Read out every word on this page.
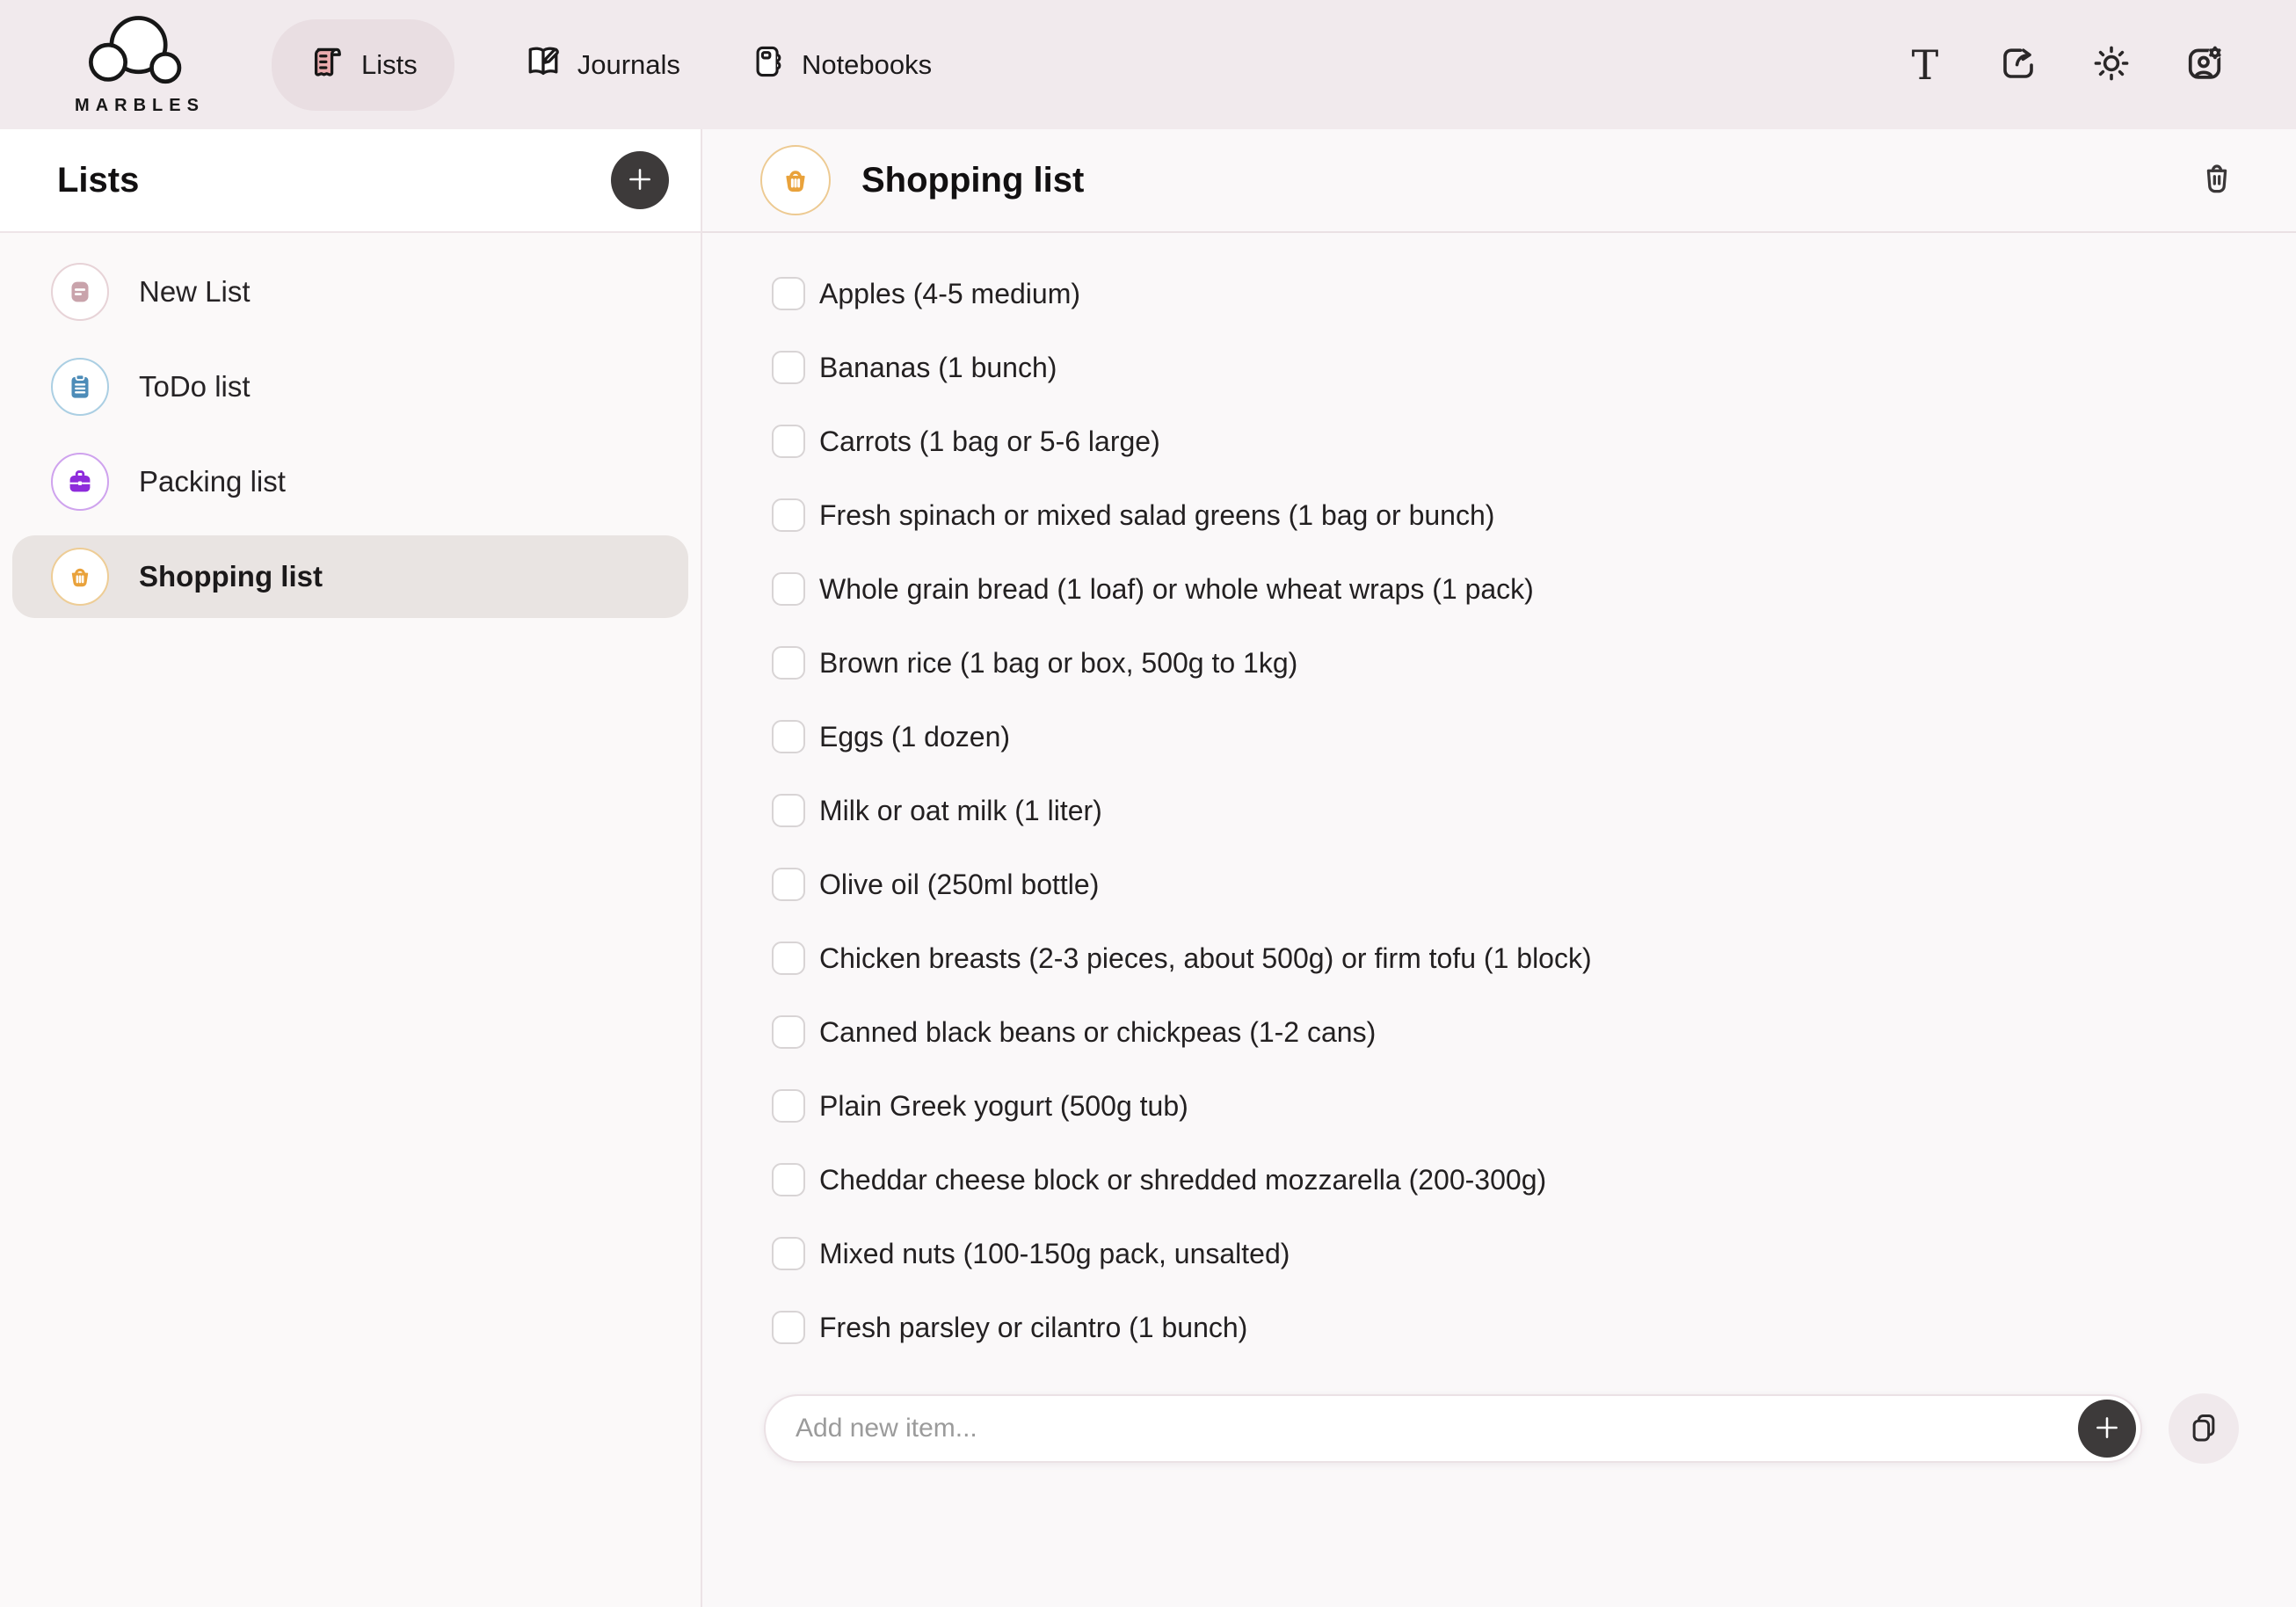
MARBLES
Lists	Journals	Notebooks	T
Lists
New List
ToDo list
Packing list
Shopping list
Shopping list
Apples (4-5 medium)
Bananas (1 bunch)
Carrots (1 bag or 5-6 large)
Fresh spinach or mixed salad greens (1 bag or bunch)
Whole grain bread (1 loaf) or whole wheat wraps (1 pack)
Brown rice (1 bag or box, 500g to 1kg)
Eggs (1 dozen)
Milk or oat milk (1 liter)
Olive oil (250ml bottle)
Chicken breasts (2-3 pieces, about 500g) or firm tofu (1 block)
Canned black beans or chickpeas (1-2 cans)
Plain Greek yogurt (500g tub)
Cheddar cheese block or shredded mozzarella (200-300g)
Mixed nuts (100-150g pack, unsalted)
Fresh parsley or cilantro (1 bunch)
Add new item...
